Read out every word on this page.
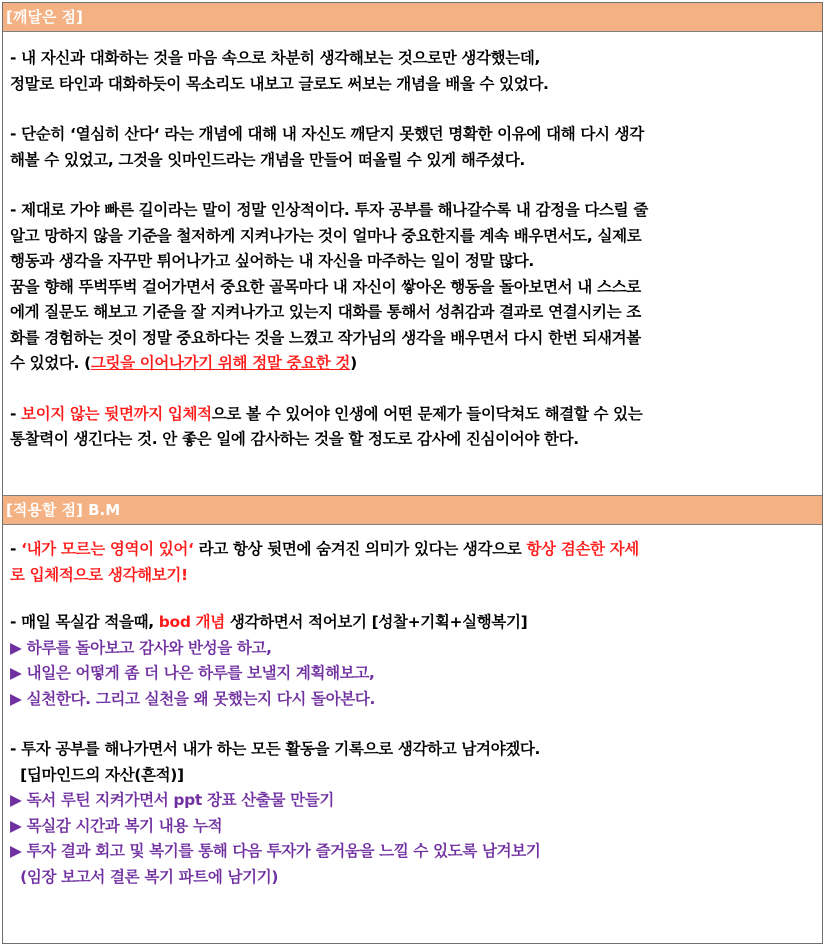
[깨달은 점]

- 내 자신과 대화하는 것을 마음 속으로 차분히 생각해보는 것으로만 생각했는데,
정말로 타인과 대화하듯이 목소리도 내보고 글로도 써보는 개념을 배울 수 있었다.

- 단순히 ‘열심히 산다‘ 라는 개념에 대해 내 자신도 깨닫지 못했던 명확한 이유에 대해 다시 생각
해볼 수 있었고, 그것을 잇마인드라는 개념을 만들어 떠올릴 수 있게 해주셨다.

- 제대로 가야 빠른 길이라는 말이 정말 인상적이다. 투자 공부를 해나갈수록 내 감정을 다스릴 줄
알고 망하지 않을 기준을 철저하게 지켜나가는 것이 얼마나 중요한지를 계속 배우면서도, 실제로
행동과 생각을 자꾸만 튀어나가고 싶어하는 내 자신을 마주하는 일이 정말 많다.
꿈을 향해 뚜벅뚜벅 걸어가면서 중요한 골목마다 내 자신이 쌓아온 행동을 돌아보면서 내 스스로
에게 질문도 해보고 기준을 잘 지켜나가고 있는지 대화를 통해서 성취감과 결과로 연결시키는 조
화를 경험하는 것이 정말 중요하다는 것을 느꼈고 작가님의 생각을 배우면서 다시 한번 되새겨볼
수 있었다. (그릿을 이어나가기 위해 정말 중요한 것)

- 보이지 않는 뒷면까지 입체적으로 볼 수 있어야 인생에 어떤 문제가 들이닥쳐도 해결할 수 있는
통찰력이 생긴다는 것. 안 좋은 일에 감사하는 것을 할 정도로 감사에 진심이어야 한다.

[적용할 점] B.M

- ‘내가 모르는 영역이 있어‘ 라고 항상 뒷면에 숨겨진 의미가 있다는 생각으로 항상 겸손한 자세
로 입체적으로 생각해보기!

- 매일 목실감 적을때, bod 개념 생각하면서 적어보기 [성찰+기획+실행복기]
▶ 하루를 돌아보고 감사와 반성을 하고,
▶ 내일은 어떻게 좀 더 나은 하루를 보낼지 계획해보고,
▶ 실천한다. 그리고 실천을 왜 못했는지 다시 돌아본다.

- 투자 공부를 해나가면서 내가 하는 모든 활동을 기록으로 생각하고 남겨야겠다.
[딥마인드의 자산(흔적)]
▶ 독서 루틴 지켜가면서 ppt 장표 산출물 만들기
▶ 목실감 시간과 복기 내용 누적
▶ 투자 결과 회고 및 복기를 통해 다음 투자가 즐거움을 느낄 수 있도록 남겨보기
(임장 보고서 결론 복기 파트에 남기기)
